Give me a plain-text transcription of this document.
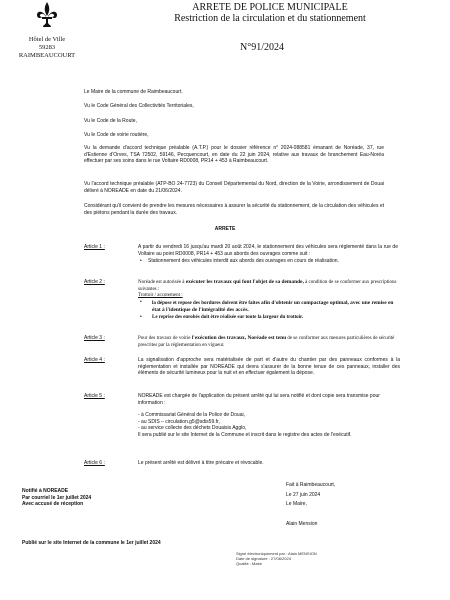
Hôtel de Ville
59283 RAIMBEAUCOURT
ARRETE DE POLICE MUNICIPALE
Restriction de la circulation et du stationnement
N°91/2024
Le Maire de la commune de Raimbeaucourt.
Vu le Code Général des Collectivités Territoriales,
Vu le Code de la Route,
Vu le Code de voirie routière,
Vu la demande d'accord technique préalable (A.T.P.) pour le dossier référence n° 2024-088581 émanant de Noréade, 37, rue d'Estienne d'Orves, TSA 72502, 59146, Pecquencourt, en date du 22 juin 2024, relative aux travaux de branchement Eau-Noréa effectuer par ses soins dans le rue Voltaire RD0008, PR14 + 453 à Raimbeaucourt.
Vu l'accord technique préalable (ATP-BO 24-7723) du Conseil Départemental du Nord, direction de la Voirie, arrondissement de Douai délivré à NOREADE en date du 21/06/2024.
Considérant qu'il convient de prendre les mesures nécessaires à assurer la sécurité du stationnement, de la circulation des véhicules et des piétons pendant la durée des travaux.
ARRETE
Article 1 :	A partir du vendredi 16 jusqu'au mardi 20 août 2024, le stationnement des véhicules sera réglementé dans la rue de Voltaire au point RD0008, PR14 + 453 aux abords des ouvrages comme suit :
• Stationnement des véhicules interdit aux abords des ouvrages en cours de réalisation.
Article 2 :	Noréade est autorisée à exécuter les travaux qui font l'objet de sa demande, à condition de se conformer aux prescriptions suivantes :
Trottoir / accotement :
• la dépose et repose des bordures doivent être faites afin d'obtenir un compactage optimal, avec une remise en état à l'identique de l'intégralité des accès.
• Le reprise des enrobés doit être réalisée sur toute la largeur du trottoir.
Article 3 :	Pour des travaux de voirie l'exécution des travaux, Noréade est tenu de se conformer aux mesures particulières de sécurité prescrites par la réglementation en vigueur.
Article 4 :	La signalisation d'approche sera matérialisée de part et d'autre du chantier par des panneaux conformes à la réglementation et installée par NOREADE qui devra s'assurer de la bonne tenue de ces panneaux, installer des éléments de sécurité lumineux pour la nuit et en effectuer également la dépose.
Article 5 :	NOREADE est chargée de l'application du présent arrêté qui lui sera notifié et dont copie sera transmise pour information :
- à Commissariat Général de la Police de Douai,
- au SDIS – circulation.g5@sdis59.fr,
- au service collecte des déchets Douaisis Agglo,
Il sera publié sur le site Internet de la Commune et inscrit dans le registre des actes de l'exécutif.
Article 6 :	Le présent arrêté est délivré à titre précaire et révocable.
Notifié à NOREADE
Par courriel le 1er juillet 2024
Avec accusé de réception
Fait à Raimbeaucourt,
Le 27 juin 2024
Le Maire,
Alain Mension
Publié sur le site Internet de la commune le 1er juillet 2024
Signé électroniquement par : Alain MENSION
Date de signature : 27/06/2024
Qualité : Maire
